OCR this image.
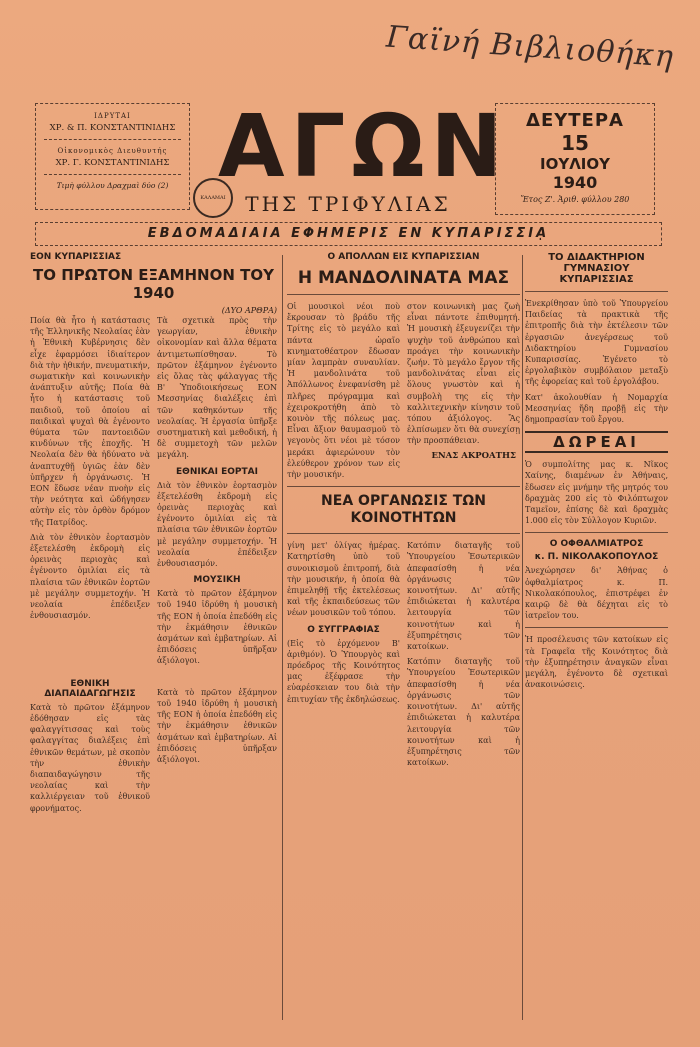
Γαϊνή Βιβλιοθήκη
ΙΔΡΥΤΑΙ
ΧΡ. & Π. ΚΟΝΣΤΑΝΤΙΝΙΔΗΣ
Οἰκονομικὸς Διευθυντής
ΧΡ. Γ. ΚΟΝΣΤΑΝΤΙΝΙΔΗΣ
Τιμὴ φύλλου Δραχμαὶ δύο (2) ΑΓΩΝ
ΤΗΣ ΤΡΙΦΥΛΙΑΣ
ΚΑΛΑΜΑΙ
ΔΕΥΤΕΡΑ
15
ΙΟΥΛΙΟΥ
1940
Ἔτος Ζ'. Ἀριθ. φύλλου 280
ΕΒΔΟΜΑΔΙΑΙΑ ΕΦΗΜΕΡΙΣ ΕΝ ΚΥΠΑΡΙΣΣΙᾼ
ΕΟΝ ΚΥΠΑΡΙΣΣΙΑΣ
ΤΟ ΠΡΩΤΟΝ ΕΞΑΜΗΝΟΝ ΤΟΥ 1940
(ΔΥΟ ΑΡΘΡΑ)

Ποία θὰ ἦτο ἡ κατάστασις τῆς Ἑλληνικῆς Νεολαίας ἐὰν ἡ Ἐθνικὴ Κυβέρνησις δὲν εἶχε ἐφαρμόσει ἰδιαίτερον διὰ τὴν ἠθικήν, πνευματικήν, σωματικὴν καὶ κοινωνικὴν ἀνάπτυξιν αὐτῆς; Ποία θὰ ἦτο ἡ κατάστασις τοῦ παιδιοῦ, τοῦ ὁποίου αἱ παιδικαὶ ψυχαὶ θὰ ἐγένοντο θύματα τῶν παντοειδῶν κινδύνων τῆς ἐποχῆς. Ἡ Νεολαία δὲν θὰ ἠδύνατο νὰ ἀναπτυχθῇ ὑγιῶς ἐὰν δὲν ὑπῆρχεν ἡ ὀργάνωσις. Ἡ ΕΟΝ ἔδωσε νέαν πνοὴν εἰς τὴν νεότητα καὶ ὡδήγησεν αὐτὴν εἰς τὸν ὀρθὸν δρόμον τῆς Πατρίδος.

Διὰ τὸν ἐθνικὸν ἑορτασμὸν ἐξετελέσθη ἐκδρομὴ εἰς ὀρεινὰς περιοχὰς καὶ ἐγένοντο ὁμιλίαι εἰς τὰ πλαίσια τῶν ἐθνικῶν ἑορτῶν μὲ μεγάλην συμμετοχήν. Ἡ νεολαία ἐπέδειξεν ἐνθουσιασμόν.

Τὰ σχετικὰ πρὸς τὴν γεωργίαν, ἐθνικὴν οἰκονομίαν καὶ ἄλλα θέματα ἀντιμετωπίσθησαν. Τὸ πρῶτον ἑξάμηνον ἐγένοντο εἰς ὅλας τὰς φάλαγγας τῆς Β' Ὑποδιοικήσεως ΕΟΝ Μεσσηνίας διαλέξεις ἐπὶ τῶν καθηκόντων τῆς νεολαίας. Ἡ ἐργασία ὑπῆρξε συστηματικὴ καὶ μεθοδική, ἡ δὲ συμμετοχὴ τῶν μελῶν μεγάλη.

ΕΘΝΙΚΑΙ ΕΟΡΤΑΙ

Διὰ τὸν ἐθνικὸν ἑορτασμὸν ἐξετελέσθη ἐκδρομὴ εἰς ὀρεινὰς περιοχὰς καὶ ἐγένοντο ὁμιλίαι εἰς τὰ πλαίσια τῶν ἐθνικῶν ἑορτῶν μὲ μεγάλην συμμετοχήν. Ἡ νεολαία ἐπέδειξεν ἐνθουσιασμόν.

ΜΟΥΣΙΚΗ

Κατὰ τὸ πρῶτον ἑξάμηνον τοῦ 1940 ἱδρύθη ἡ μουσικὴ τῆς ΕΟΝ ἡ ὁποία ἐπεδόθη εἰς τὴν ἐκμάθησιν ἐθνικῶν ἀσμάτων καὶ ἐμβατηρίων. Αἱ ἐπιδόσεις ὑπῆρξαν ἀξιόλογοι.

ΕΘΝΙΚΗ ΔΙΑΠΑΙΔΑΓΩΓΗΣΙΣ

Κατὰ τὸ πρῶτον ἑξάμηνον ἐδόθησαν εἰς τὰς φαλαγγίτισσας καὶ τοὺς φαλαγγίτας διαλέξεις ἐπὶ ἐθνικῶν θεμάτων, μὲ σκοπὸν τὴν ἐθνικὴν διαπαιδαγώγησιν τῆς νεολαίας καὶ τὴν καλλιέργειαν τοῦ ἐθνικοῦ φρονήματος.

Κατὰ τὸ πρῶτον ἑξάμηνον τοῦ 1940 ἱδρύθη ἡ μουσικὴ τῆς ΕΟΝ ἡ ὁποία ἐπεδόθη εἰς τὴν ἐκμάθησιν ἐθνικῶν ἀσμάτων καὶ ἐμβατηρίων. Αἱ ἐπιδόσεις ὑπῆρξαν ἀξιόλογοι.

Ο ΑΠΟΛΛΩΝ ΕΙΣ ΚΥΠΑΡΙΣΣΙΑΝ
Η ΜΑΝΔΟΛΙΝΑΤΑ ΜΑΣ

Οἱ μουσικοὶ νέοι ποὺ ἔκρουσαν τὸ βράδυ τῆς Τρίτης εἰς τὸ μεγάλο καὶ πάντα ὡραῖο κινηματοθέατρον ἔδωσαν μίαν λαμπρὰν συναυλίαν. Ἡ μανδολινάτα τοῦ Ἀπόλλωνος ἐνεφανίσθη μὲ πλῆρες πρόγραμμα καὶ ἐχειροκροτήθη ἀπὸ τὸ κοινὸν τῆς πόλεως μας. Εἶναι ἄξιον θαυμασμοῦ τὸ γεγονὸς ὅτι νέοι μὲ τόσον μεράκι ἀφιερώνουν τὸν ἐλεύθερον χρόνον των εἰς τὴν μουσικήν.

στον κοινωνικὴ μας ζωὴ εἶναι πάντοτε ἐπιθυμητή. Ἡ μουσικὴ ἐξευγενίζει τὴν ψυχὴν τοῦ ἀνθρώπου καὶ προάγει τὴν κοινωνικὴν ζωήν. Τὸ μεγάλο ἔργον τῆς μανδολινάτας εἶναι εἰς ὅλους γνωστὸν καὶ ἡ συμβολὴ της εἰς τὴν καλλιτεχνικὴν κίνησιν τοῦ τόπου ἀξιόλογος. Ἂς ἐλπίσωμεν ὅτι θὰ συνεχίσῃ τὴν προσπάθειαν.

ΕΝΑΣ ΑΚΡΟΑΤΗΣ
ΝΕΑ ΟΡΓΑΝΩΣΙΣ ΤΩΝ ΚΟΙΝΟΤΗΤΩΝ

γίνη μετ' ὀλίγας ἡμέρας. Κατηρτίσθη ὑπὸ τοῦ συνοικισμοῦ ἐπιτροπή, διὰ τὴν μουσικήν, ἡ ὁποία θὰ ἐπιμεληθῇ τῆς ἐκτελέσεως καὶ τῆς ἐκπαιδεύσεως τῶν νέων μουσικῶν τοῦ τόπου.

Ο ΣΥΓΓΡΑΦΙΑΣ

(Εἰς τὸ ἐρχόμενον Β' ἀριθμόν). Ὁ Ὑπουργὸς καὶ πρόεδρος τῆς Κοινότητος μας ἐξέφρασε τὴν εὐαρέσκειαν του διὰ τὴν ἐπιτυχίαν τῆς ἐκδηλώσεως.

Κατόπιν διαταγῆς τοῦ Ὑπουργείου Ἐσωτερικῶν ἀπεφασίσθη ἡ νέα ὀργάνωσις τῶν κοινοτήτων. Δι' αὐτῆς ἐπιδιώκεται ἡ καλυτέρα λειτουργία τῶν κοινοτήτων καὶ ἡ ἐξυπηρέτησις τῶν κατοίκων.

Κατόπιν διαταγῆς τοῦ Ὑπουργείου Ἐσωτερικῶν ἀπεφασίσθη ἡ νέα ὀργάνωσις τῶν κοινοτήτων. Δι' αὐτῆς ἐπιδιώκεται ἡ καλυτέρα λειτουργία τῶν κοινοτήτων καὶ ἡ ἐξυπηρέτησις τῶν κατοίκων.

ΤΟ ΔΙΔΑΚΤΗΡΙΟΝ
ΓΥΜΝΑΣΙΟΥ ΚΥΠΑΡΙΣΣΙΑΣ

Ἐνεκρίθησαν ὑπὸ τοῦ Ὑπουργείου Παιδείας τὰ πρακτικὰ τῆς ἐπιτροπῆς διὰ τὴν ἐκτέλεσιν τῶν ἐργασιῶν ἀνεγέρσεως τοῦ Διδακτηρίου Γυμνασίου Κυπαρισσίας. Ἐγένετο τὸ ἐργολαβικὸν συμβόλαιον μεταξὺ τῆς ἐφορείας καὶ τοῦ ἐργολάβου.

Κατ' ἀκολουθίαν ἡ Νομαρχία Μεσσηνίας ἤδη προβῇ εἰς τὴν δημοπρασίαν τοῦ ἔργου.

ΔΩΡΕΑΙ

Ὁ συμπολίτης μας κ. Νῖκος Χαίνης, διαμένων ἐν Ἀθήναις, ἔδωσεν εἰς μνήμην τῆς μητρός του δραχμὰς 200 εἰς τὸ Φιλόπτωχον Ταμεῖον, ἐπίσης δὲ καὶ δραχμὰς 1.000 εἰς τὸν Σύλλογον Κυριῶν.

Ο ΟΦΘΑΛΜΙΑΤΡΟΣ
κ. Π. ΝΙΚΟΛΑΚΟΠΟΥΛΟΣ

Ἀνεχώρησεν δι' Ἀθήνας ὁ ὀφθαλμίατρος κ. Π. Νικολακόπουλος, ἐπιστρέφει ἐν καιρῷ δὲ θὰ δέχηται εἰς τὸ ἰατρεῖον του.

Ἡ προσέλευσις τῶν κατοίκων εἰς τὰ Γραφεῖα τῆς Κοινότητος διὰ τὴν ἐξυπηρέτησιν ἀναγκῶν εἶναι μεγάλη, ἐγένοντο δὲ σχετικαὶ ἀνακοινώσεις.
